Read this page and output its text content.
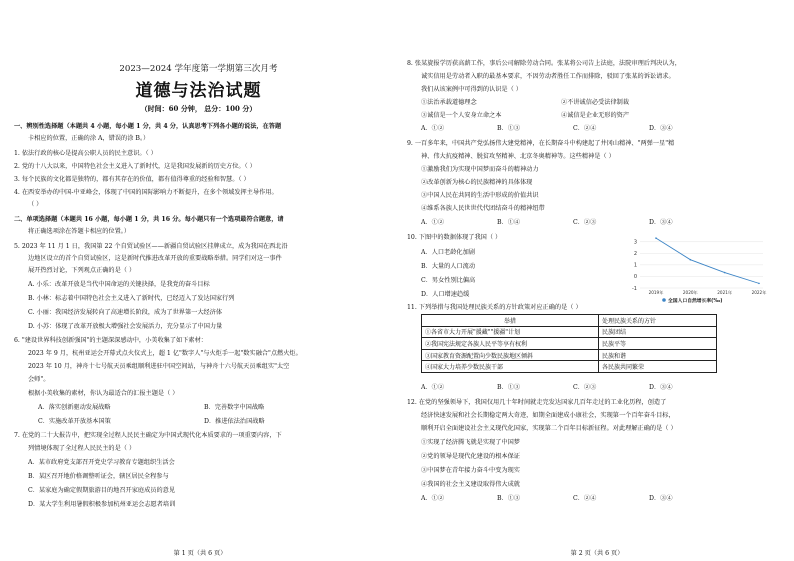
2023—2024 学年度第一学期第三次月考
道德与法治试题
（时间：60 分钟， 总分：100 分）
一、辨别性选择题（本题共 4 小题，每小题 1 分，共 4 分，认真思考下列各小题的说法，在答题
卡相应的位置，正确的涂 A，错误的涂 B。）
1. 依法行政的核心是提高公职人员的民主意识。（ ）
2. 党的十八大以来，中国特色社会主义进入了新时代，这是我国发展新的历史方位。（ ）
3. 每个民族的文化都是独特的，都有其存在的价值，都有值得尊重的经验和智慧。（ ）
4. 在西安举办的中国-中亚峰会，体现了中国的国际影响力不断提升，在多个领域发挥主导作用。
（ ）
二、单项选择题（本题共 16 小题，每小题 1 分，共 16 分。每小题只有一个选项最符合题意，请
将正确选项涂在答题卡相应的位置。）
5. 2023 年 11 月 1 日，我国第 22 个自贸试验区——新疆自贸试验区挂牌成立，成为我国在西北沿
边地区设立的首个自贸试验区，这是新时代推进改革开放的重要战略举措。同学们对这一事件
展开热烈讨论，下列观点正确的是（ ）
A. 小乐：改革开放是当代中国命运的关键抉择，是我党的奋斗目标
B. 小林：标志着中国特色社会主义进入了新时代，已经迈入了发达国家行列
C. 小丽：我国经济发展转向了高速增长阶段，成为了世界第一大经济体
D. 小苏：体现了改革开放极大增强社会发展活力，充分显示了中国力量
6. "建设世界科技创新强国"的主题深深感动中，小美收集了如下素材：
2023 年 9 月，杭州亚运会开幕式点火仪式上，超 1 亿"数字人"与火炬手一起"数实融合"点燃火炬。
2023 年 10 月，神舟十七号航天员乘组顺利进驻中国空间站，与神舟十六号航天员乘组实"太空
会师"。
根据小美收集的素材，你认为最适合的汇报主题是（ ）
A．落实创新驱动发展战略	B．完善数字中国战略
C．实施改革开放基本国策	D．推进依法治国战略
7. 在党的二十大报告中，把实现全过程人民民主确定为中国式现代化本质要求的一项重要内容，下
列情境体现了全过程人民民主的是（ ）
A．某市政府党支部召开党史学习教育专题组织生活会
B．某区召开地价格调整听证会，辖区居民全程参与
C．某家庭为确定假期旅游目的地召开家庭成员的意见
D．某大学生利用暑假积极参加杭州亚运会志愿者培训
第 1 页（共 6 页）
8. 张某旋报学历获高薪工作，事后公司解除劳动合同。张某将公司告上法庭，法院审理后判决认为，
诚实信用是劳动者入职的最基本要求，不因劳动者胜任工作而排除，驳回了张某的诉讼请求。
我们从该案例中可得到的认识是（ ）
①法治承载道德理念	②不讲诚信必受法律制裁
③诚信是一个人安身立命之本	④诚信是企业无形的资产
A．①②	B．①③	C．②④	D．③④
9. 一百多年来，中国共产党弘扬伟大建党精神，在长期奋斗中构建起了井冈山精神、"两弹一星"精
神、伟大抗疫精神、脱贫攻坚精神、北京冬奥精神等。这些精神是（ ）
①激励我们为实现中国梦而奋斗的精神动力
②改革创新为核心的民族精神的具体体现
③中国人民在共同的生活中形成的价值共识
④维系各族人民世世代代团结奋斗的精神纽带
A．①②	B．①④	C．②③	D．③④
10. 下图中的数据体现了我国（ ）
A．人口老龄化加剧
B．大量的人口流动
C．男女性别比偏高
D．人口增速趋缓
11. 下列举措与我国处理民族关系的方针政策对应正确的是（ ）
举措	处理民族关系的方针
①各省市大力开展"援藏""援疆"计划	民族团结
②我国宪法规定各族人民平等享有权利	民族平等
③国家教育资源配置向少数民族地区倾斜	民族和谐
④国家大力培养少数民族干部	各民族共同繁荣
A．①②	B．①③	C．②③	D．③④
12. 在党的坚强领导下，我国仅用几十年时间就走完发达国家几百年走过的工业化历程，创造了
经济快速发展和社会长期稳定两大奇迹，如期全面建成小康社会，实现第一个百年奋斗目标，
顺利开启全面建设社会主义现代化国家，实现第二个百年目标新征程。对此理解正确的是（ ）
①实现了经济腾飞就是实现了中国梦
②党的领导是现代化建设的根本保证
③中国梦在青年接力奋斗中变为现实
④我国的社会主义建设取得伟大成就
A．①②	B．①③	C．②④	D．③④
第 2 页（共 6 页）
3
2
1
0
-1
2019年	2020年	2021年	2022年
全国人口自然增长率(‰)
